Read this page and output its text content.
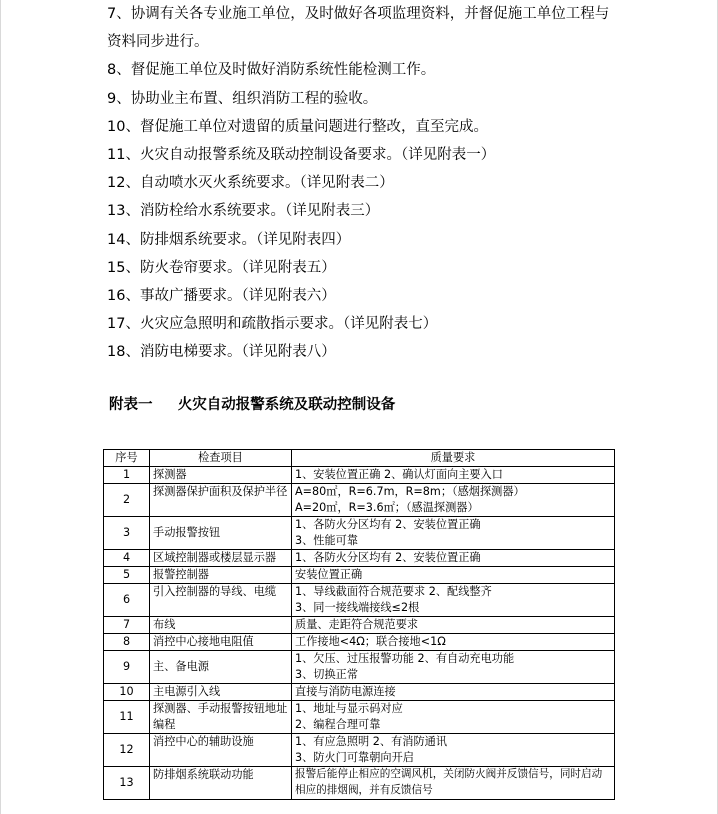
7、协调有关各专业施工单位，及时做好各项监理资料，并督促施工单位工程与资料同步进行。

8、督促施工单位及时做好消防系统性能检测工作。

9、协助业主布置、组织消防工程的验收。

10、督促施工单位对遗留的质量问题进行整改，直至完成。

11、火灾自动报警系统及联动控制设备要求。（详见附表一）

12、自动喷水灭火系统要求。（详见附表二）

13、消防栓给水系统要求。（详见附表三）

14、防排烟系统要求。（详见附表四）

15、防火卷帘要求。（详见附表五）

16、事故广播要求。（详见附表六）

17、火灾应急照明和疏散指示要求。（详见附表七）

18、消防电梯要求。（详见附表八）

附表一 火灾自动报警系统及联动控制设备
序号	检查项目	质量要求
1	探测器	1、安装位置正确 2、确认灯面向主要入口

2	探测器保护面积及保护半径	A=80㎡，R=6.7m，R=8m；（感烟探测器）
A=20㎡，R=3.6㎡；（感温探测器）

3	手动报警按钮	1、各防火分区均有 2、安装位置正确
3、性能可靠

4	区域控制器或楼层显示器	1、各防火分区均有 2、安装位置正确

5	报警控制器	安装位置正确

6	引入控制器的导线、电缆	1、导线截面符合规范要求 2、配线整齐
3、同一接线端接线≤2根

7	布线	质量、走距符合规范要求

8	消控中心接地电阻值	工作接地<4Ω；联合接地<1Ω

9	主、备电源	1、欠压、过压报警功能 2、有自动充电功能
3、切换正常

10	主电源引入线	直接与消防电源连接

11	探测器、手动报警按钮地址
编程	1、地址与显示码对应
2、编程合理可靠

12	消控中心的辅助设施	1、有应急照明 2、有消防通讯
3、防火门可靠朝向开启

13	防排烟系统联动功能	报警后能停止相应的空调风机，关闭防火阀并反馈信号，同时启动相应的排烟阀，并有反馈信号
